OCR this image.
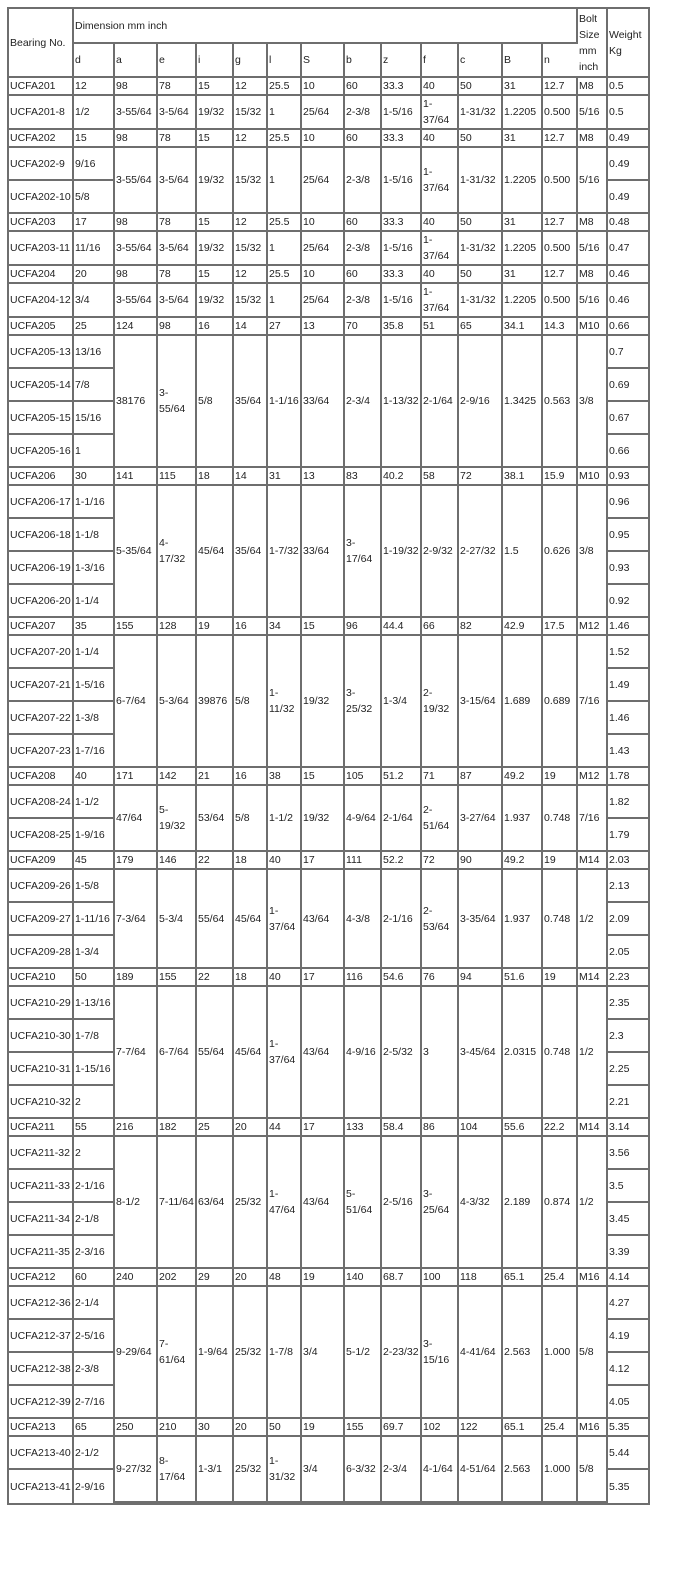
Bearing No.	Dimension mm inch													Bolt Size mm inch	Weight Kg
	d	a	e	i	g	l	S	b	z	f	c	B	n		
UCFA201	12	98	78	15	12	25.5	10	60	33.3	40	50	31	12.7	M8	0.5
UCFA201-8	1/2	3-55/64	3-5/64	19/32	15/32	1	25/64	2-3/8	1-5/16	1-37/64	1-31/32	1.2205	0.500	5/16	0.5
UCFA202	15	98	78	15	12	25.5	10	60	33.3	40	50	31	12.7	M8	0.49
UCFA202-9	9/16	3-55/64	3-5/64	19/32	15/32	1	25/64	2-3/8	1-5/16	1-37/64	1-31/32	1.2205	0.500	5/16	0.49
UCFA202-10	5/8														0.49
UCFA203	17	98	78	15	12	25.5	10	60	33.3	40	50	31	12.7	M8	0.48
UCFA203-11	11/16	3-55/64	3-5/64	19/32	15/32	1	25/64	2-3/8	1-5/16	1-37/64	1-31/32	1.2205	0.500	5/16	0.47
UCFA204	20	98	78	15	12	25.5	10	60	33.3	40	50	31	12.7	M8	0.46
UCFA204-12	3/4	3-55/64	3-5/64	19/32	15/32	1	25/64	2-3/8	1-5/16	1-37/64	1-31/32	1.2205	0.500	5/16	0.46
UCFA205	25	124	98	16	14	27	13	70	35.8	51	65	34.1	14.3	M10	0.66
UCFA205-13	13/16	38176	3-55/64	5/8	35/64	1-1/16	33/64	2-3/4	1-13/32	2-1/64	2-9/16	1.3425	0.563	3/8	0.7
UCFA205-14	7/8														0.69
UCFA205-15	15/16														0.67
UCFA205-16	1														0.66
UCFA206	30	141	115	18	14	31	13	83	40.2	58	72	38.1	15.9	M10	0.93
UCFA206-17	1-1/16	5-35/64	4-17/32	45/64	35/64	1-7/32	33/64	3-17/64	1-19/32	2-9/32	2-27/32	1.5	0.626	3/8	0.96
UCFA206-18	1-1/8														0.95
UCFA206-19	1-3/16														0.93
UCFA206-20	1-1/4														0.92
UCFA207	35	155	128	19	16	34	15	96	44.4	66	82	42.9	17.5	M12	1.46
UCFA207-20	1-1/4	6-7/64	5-3/64	39876	5/8	1-11/32	19/32	3-25/32	1-3/4	2-19/32	3-15/64	1.689	0.689	7/16	1.52
UCFA207-21	1-5/16														1.49
UCFA207-22	1-3/8														1.46
UCFA207-23	1-7/16														1.43
UCFA208	40	171	142	21	16	38	15	105	51.2	71	87	49.2	19	M12	1.78
UCFA208-24	1-1/2	47/64	5-19/32	53/64	5/8	1-1/2	19/32	4-9/64	2-1/64	2-51/64	3-27/64	1.937	0.748	7/16	1.82
UCFA208-25	1-9/16														1.79
UCFA209	45	179	146	22	18	40	17	111	52.2	72	90	49.2	19	M14	2.03
UCFA209-26	1-5/8	7-3/64	5-3/4	55/64	45/64	1-37/64	43/64	4-3/8	2-1/16	2-53/64	3-35/64	1.937	0.748	1/2	2.13
UCFA209-27	1-11/16														2.09
UCFA209-28	1-3/4														2.05
UCFA210	50	189	155	22	18	40	17	116	54.6	76	94	51.6	19	M14	2.23
UCFA210-29	1-13/16	7-7/64	6-7/64	55/64	45/64	1-37/64	43/64	4-9/16	2-5/32	3	3-45/64	2.0315	0.748	1/2	2.35
UCFA210-30	1-7/8														2.3
UCFA210-31	1-15/16														2.25
UCFA210-32	2														2.21
UCFA211	55	216	182	25	20	44	17	133	58.4	86	104	55.6	22.2	M14	3.14
UCFA211-32	2	8-1/2	7-11/64	63/64	25/32	1-47/64	43/64	5-51/64	2-5/16	3-25/64	4-3/32	2.189	0.874	1/2	3.56
UCFA211-33	2-1/16														3.5
UCFA211-34	2-1/8														3.45
UCFA211-35	2-3/16														3.39
UCFA212	60	240	202	29	20	48	19	140	68.7	100	118	65.1	25.4	M16	4.14
UCFA212-36	2-1/4	9-29/64	7-61/64	1-9/64	25/32	1-7/8	3/4	5-1/2	2-23/32	3-15/16	4-41/64	2.563	1.000	5/8	4.27
UCFA212-37	2-5/16														4.19
UCFA212-38	2-3/8														4.12
UCFA212-39	2-7/16														4.05
UCFA213	65	250	210	30	20	50	19	155	69.7	102	122	65.1	25.4	M16	5.35
UCFA213-40	2-1/2	9-27/32	8-17/64	1-3/1	25/32	1-31/32	3/4	6-3/32	2-3/4	4-1/64	4-51/64	2.563	1.000	5/8	5.44
UCFA213-41	2-9/16														5.35
